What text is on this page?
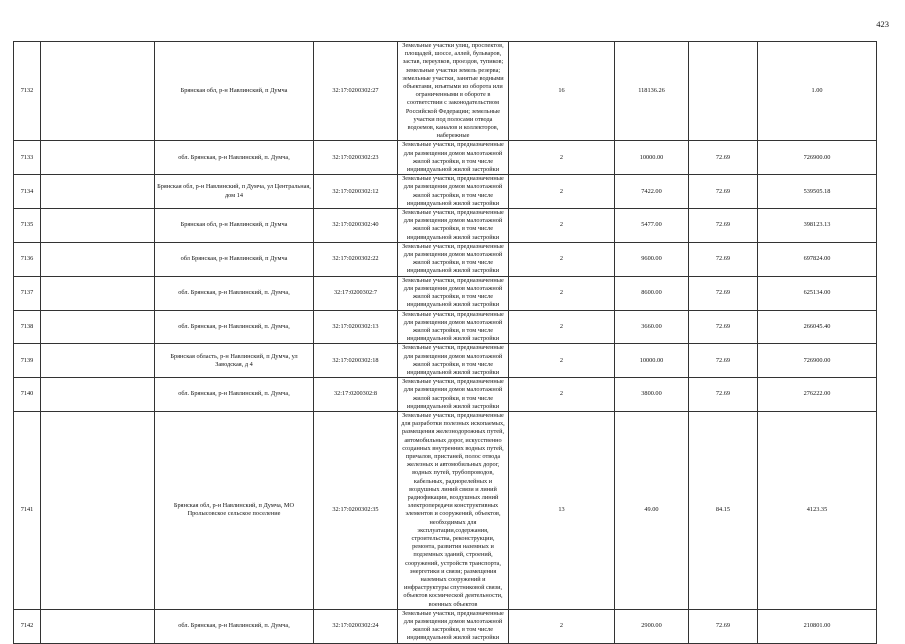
423
7132		Брянская обл, р-н Навлинский, п Думча	32:17:0200302:27	Земельные участки улиц, проспектов, площадей, шоссе, аллей, бульваров, застав, переулков, проездов, тупиков; земельные участки земель резерва; земельные участки, занятые водными объектами, изъятыми из оборота или ограниченными в обороте в соответствии с законодательством Российской Федерации; земельные участки под полосами отвода водоемов, каналов и коллекторов, набережные	16	118136.26		1.00
7133		обл. Брянская, р-н Навлинский, п. Думча,	32:17:0200302:23	Земельные участки, предназначенные для размещения домов малоэтажной жилой застройки, в том числе индивидуальной жилой застройки	2	10000.00	72.69	726900.00
7134		Брянская обл, р-н Навлинский, п Думча, ул Центральная, дом 14	32:17:0200302:12	Земельные участки, предназначенные для размещения домов малоэтажной жилой застройки, в том числе индивидуальной жилой застройки	2	7422.00	72.69	539505.18
7135		Брянская обл, р-н Навлинский, п Думча	32:17:0200302:40	Земельные участки, предназначенные для размещения домов малоэтажной жилой застройки, в том числе индивидуальной жилой застройки	2	5477.00	72.69	398123.13
7136		обл Брянская, р-н Навлинский, п Думча	32:17:0200302:22	Земельные участки, предназначенные для размещения домов малоэтажной жилой застройки, в том числе индивидуальной жилой застройки	2	9600.00	72.69	697824.00
7137		обл. Брянская, р-н Навлинский, п. Думча,	32:17:0200302:7	Земельные участки, предназначенные для размещения домов малоэтажной жилой застройки, в том числе индивидуальной жилой застройки	2	8600.00	72.69	625134.00
7138		обл. Брянская, р-н Навлинский, п. Думча,	32:17:0200302:13	Земельные участки, предназначенные для размещения домов малоэтажной жилой застройки, в том числе индивидуальной жилой застройки	2	3660.00	72.69	266045.40
7139		Брянская область, р-н Навлинский, п Думча, ул Заводская, д 4	32:17:0200302:18	Земельные участки, предназначенные для размещения домов малоэтажной жилой застройки, в том числе индивидуальной жилой застройки	2	10000.00	72.69	726900.00
7140		обл. Брянская, р-н Навлинский, п. Думча,	32:17:0200302:8	Земельные участки, предназначенные для размещения домов малоэтажной жилой застройки, в том числе индивидуальной жилой застройки	2	3800.00	72.69	276222.00
7141		Брянская обл, р-н Навлинский, п Думча, МО Пролысовское сельское поселение	32:17:0200302:35	Земельные участки, предназначенные для разработки полезных ископаемых, размещения железнодорожных путей, автомобильных дорог, искусственно созданных внутренних водных путей, причалов, пристаней, полос отвода железных и автомобильных дорог, водных путей, трубопроводов, кабельных, радиорелейных и воздушных линий связи и линий радиофикации, воздушных линий электропередачи конструктивных элементов и сооружений, объектов, необходимых для эксплуатации,содержания, строительства, реконструкции, ремонта, развития наземных и подземных зданий, строений, сооружений, устройств транспорта, энергетики и связи; размещения наземных сооружений и инфраструктуры спутниковой связи, объектов космической деятельности, военных объектов	13	49.00	84.15	4123.35
7142		обл. Брянская, р-н Навлинский, п. Думча,	32:17:0200302:24	Земельные участки, предназначенные для размещения домов малоэтажной жилой застройки, в том числе индивидуальной жилой застройки	2	2900.00	72.69	210801.00
